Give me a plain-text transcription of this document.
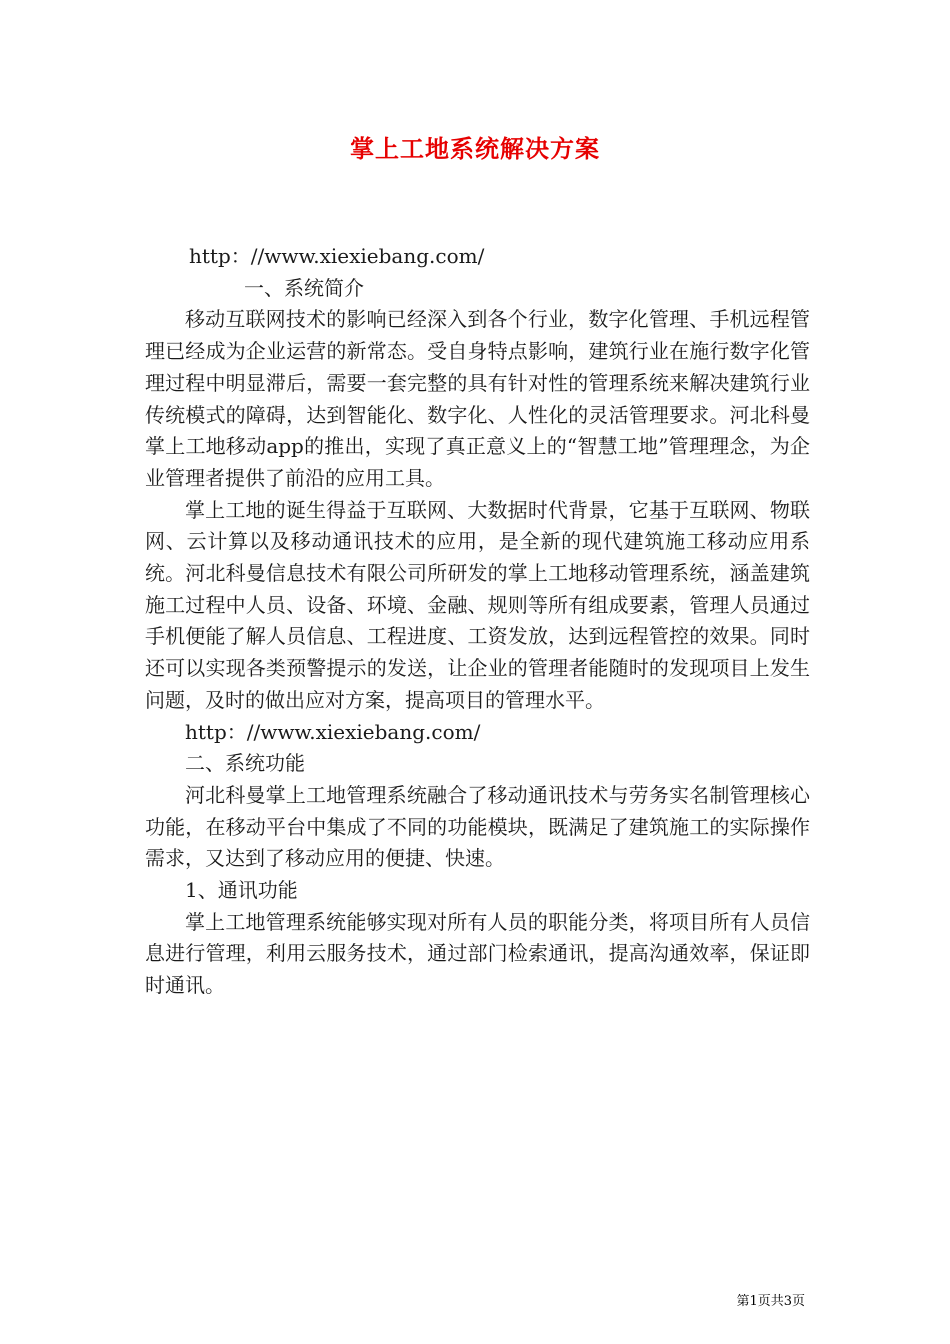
掌上工地系统解决方案

http：//www.xiexiebang.com/

一、系统简介

移动互联网技术的影响已经深入到各个行业，数字化管理、手机远程管理已经成为企业运营的新常态。受自身特点影响，建筑行业在施行数字化管理过程中明显滞后，需要一套完整的具有针对性的管理系统来解决建筑行业传统模式的障碍，达到智能化、数字化、人性化的灵活管理要求。河北科曼掌上工地移动app的推出，实现了真正意义上的“智慧工地”管理理念，为企业管理者提供了前沿的应用工具。

掌上工地的诞生得益于互联网、大数据时代背景，它基于互联网、物联网、云计算以及移动通讯技术的应用，是全新的现代建筑施工移动应用系统。河北科曼信息技术有限公司所研发的掌上工地移动管理系统，涵盖建筑施工过程中人员、设备、环境、金融、规则等所有组成要素，管理人员通过手机便能了解人员信息、工程进度、工资发放，达到远程管控的效果。同时还可以实现各类预警提示的发送，让企业的管理者能随时的发现项目上发生问题，及时的做出应对方案，提高项目的管理水平。

http：//www.xiexiebang.com/

二、系统功能

河北科曼掌上工地管理系统融合了移动通讯技术与劳务实名制管理核心功能，在移动平台中集成了不同的功能模块，既满足了建筑施工的实际操作需求，又达到了移动应用的便捷、快速。

1、通讯功能

掌上工地管理系统能够实现对所有人员的职能分类，将项目所有人员信息进行管理，利用云服务技术，通过部门检索通讯，提高沟通效率，保证即时通讯。

第1页共3页
